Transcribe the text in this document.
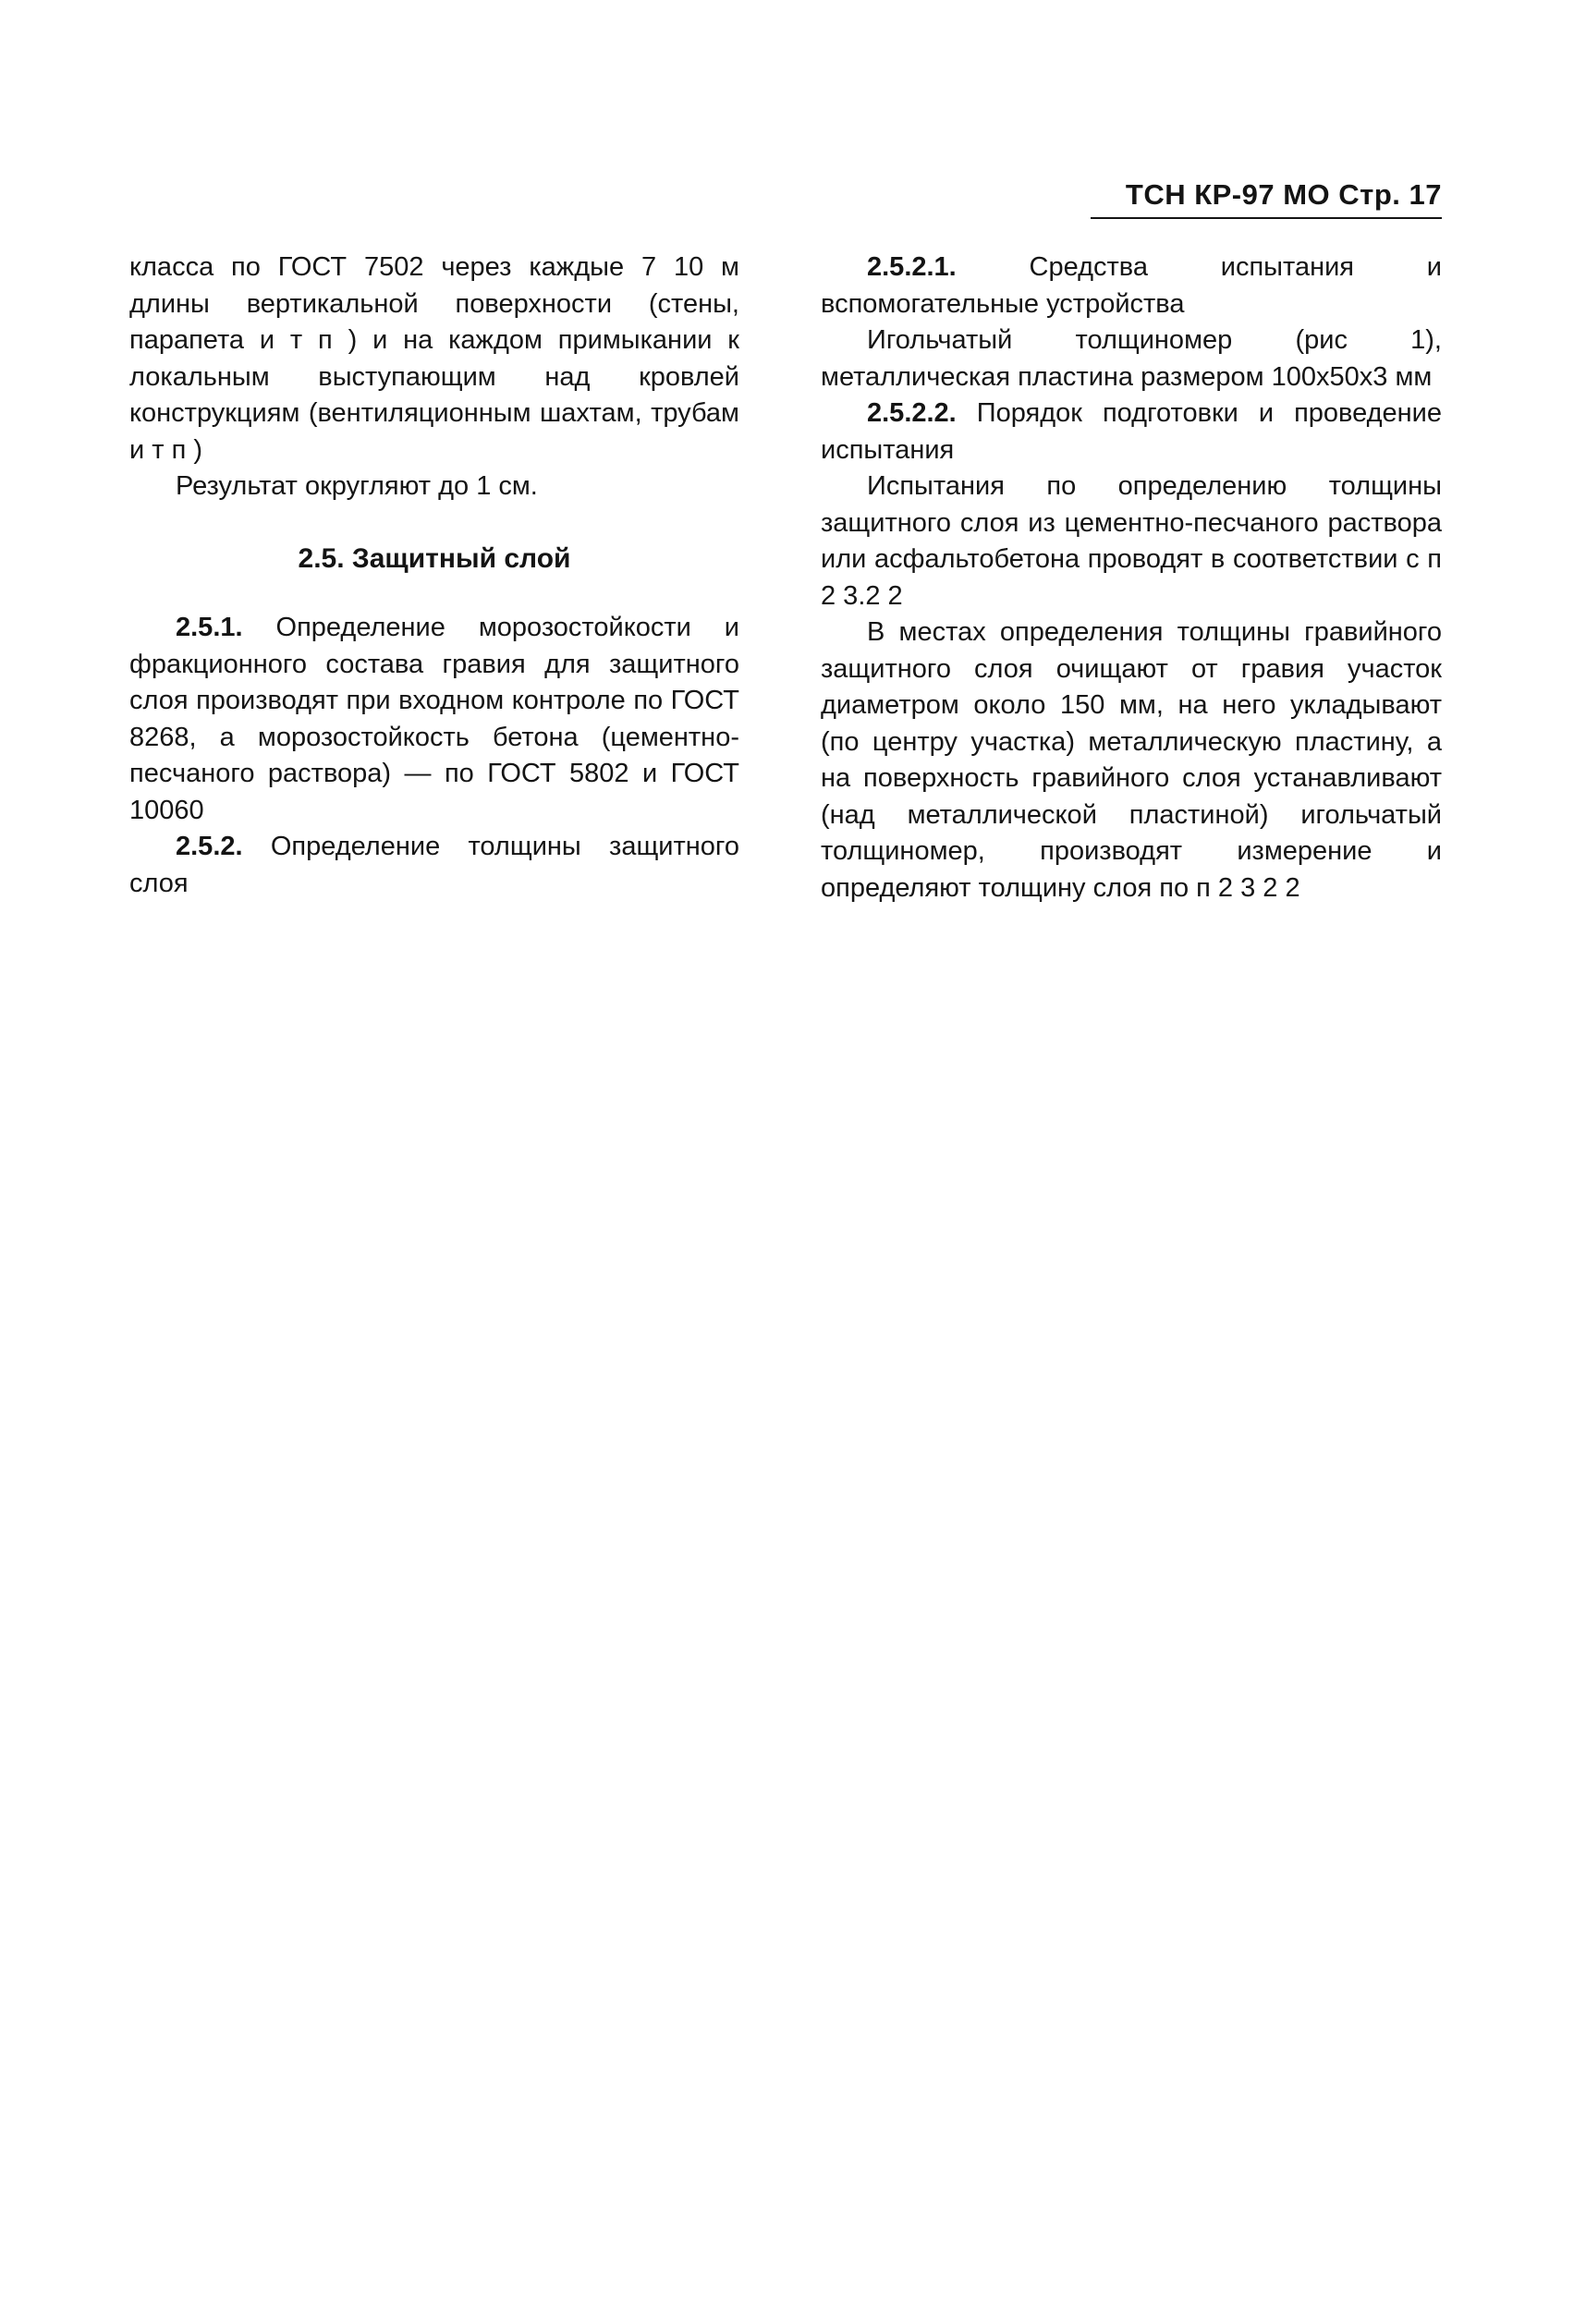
ТСН КР-97 МО Стр. 17

класса по ГОСТ 7502 через каждые 7 10 м длины вертикальной поверхности (стены, парапета и т п ) и на каждом примыкании к локальным выступающим над кровлей конструкциям (вентиляционным шахтам, трубам и т п )

Результат округляют до 1 см.

2.5. Защитный слой

2.5.1. Определение морозостойкости и фракционного состава гравия для защитного слоя производят при входном контроле по ГОСТ 8268, а морозостойкость бетона (цементно-песчаного раствора) — по ГОСТ 5802 и ГОСТ 10060

2.5.2. Определение толщины защитного слоя

2.5.2.1. Средства испытания и вспомогательные устройства

Игольчатый толщиномер (рис 1), металлическая пластина размером 100х50х3 мм

2.5.2.2. Порядок подготовки и проведение испытания

Испытания по определению толщины защитного слоя из цементно-песчаного раствора или асфальтобетона проводят в соответствии с п 2 3.2 2

В местах определения толщины гравийного защитного слоя очищают от гравия участок диаметром около 150 мм, на него укладывают (по центру участка) металлическую пластину, а на поверхность гравийного слоя устанавливают (над металлической пластиной) игольчатый толщиномер, производят измерение и определяют толщину слоя по п 2 3 2 2
